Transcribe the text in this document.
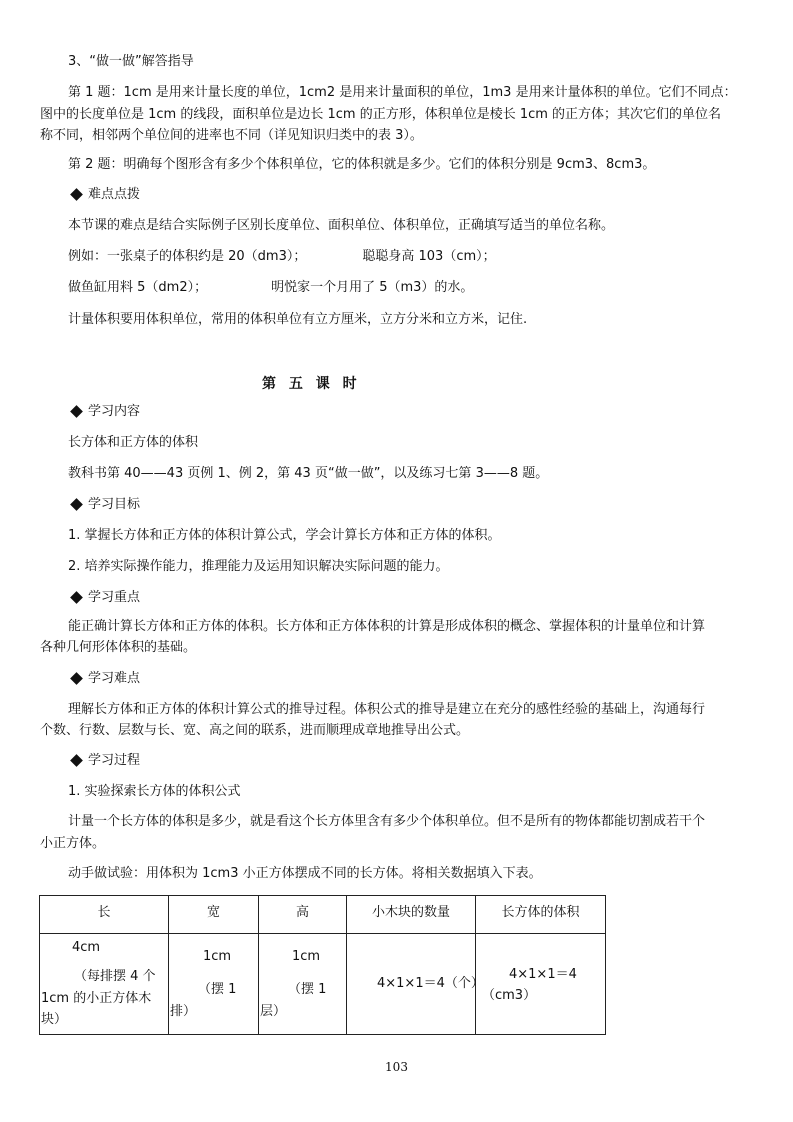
3、“做一做”解答指导
第 1 题：1cm 是用来计量长度的单位，1cm2 是用来计量面积的单位，1m3 是用来计量体积的单位。它们不同点：
图中的长度单位是 1cm 的线段，面积单位是边长 1cm 的正方形，体积单位是棱长 1cm 的正方体；其次它们的单位名
称不同，相邻两个单位间的进率也不同（详见知识归类中的表 3）。
第 2 题：明确每个图形含有多少个体积单位，它的体积就是多少。它们的体积分别是 9cm3、8cm3。
难点点拨
本节课的难点是结合实际例子区别长度单位、面积单位、体积单位，正确填写适当的单位名称。
例如：一张桌子的体积约是 20（dm3）；	聪聪身高 103（cm）；
做鱼缸用料 5（dm2）；	明悦家一个月用了 5（m3）的水。
计量体积要用体积单位，常用的体积单位有立方厘米，立方分米和立方米，记住.
第 五 课 时
学习内容
长方体和正方体的体积
教科书第 40——43 页例 1、例 2，第 43 页“做一做”，以及练习七第 3——8 题。
学习目标
1. 掌握长方体和正方体的体积计算公式，学会计算长方体和正方体的体积。
2. 培养实际操作能力，推理能力及运用知识解决实际问题的能力。
学习重点
能正确计算长方体和正方体的体积。长方体和正方体体积的计算是形成体积的概念、掌握体积的计量单位和计算
各种几何形体体积的基础。
学习难点
理解长方体和正方体的体积计算公式的推导过程。体积公式的推导是建立在充分的感性经验的基础上，沟通每行
个数、行数、层数与长、宽、高之间的联系，进而顺理成章地推导出公式。
学习过程
1. 实验探索长方体的体积公式
计量一个长方体的体积是多少，就是看这个长方体里含有多少个体积单位。但不是所有的物体都能切割成若干个
小正方体。
动手做试验：用体积为 1cm3 小正方体摆成不同的长方体。将相关数据填入下表。
长	宽	高	小木块的数量	长方体的体积

4cm
（每排摆 4 个
1cm 的小正方体木
块）	1cm
（摆 1
排）	1cm
（摆 1
层）	4×1×1＝4（个）	4×1×1＝4
（cm3）
103
